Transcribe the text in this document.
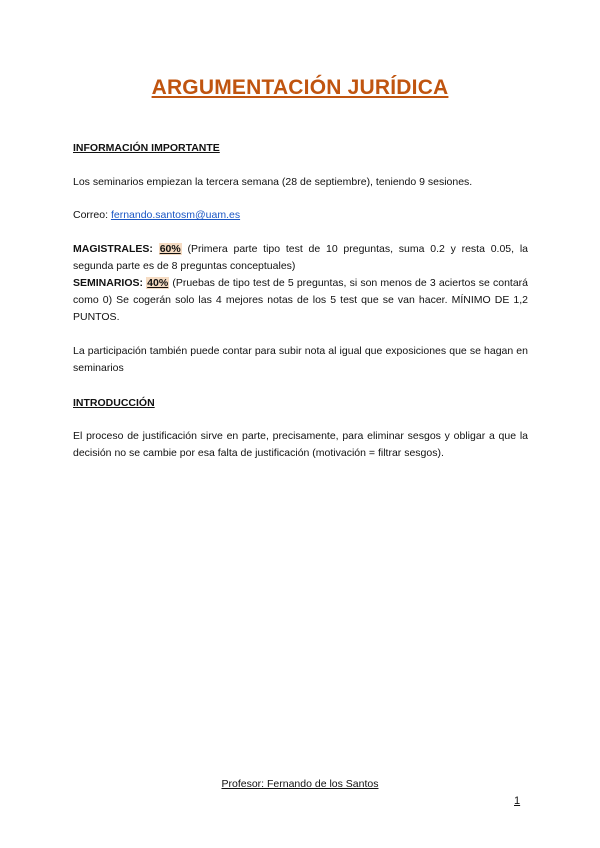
ARGUMENTACIÓN JURÍDICA
INFORMACIÓN IMPORTANTE
Los seminarios empiezan la tercera semana (28 de septiembre), teniendo 9 sesiones.
Correo: fernando.santosm@uam.es
MAGISTRALES: 60% (Primera parte tipo test de 10 preguntas, suma 0.2 y resta 0.05, la segunda parte es de 8 preguntas conceptuales)
SEMINARIOS: 40% (Pruebas de tipo test de 5 preguntas, si son menos de 3 aciertos se contará como 0) Se cogerán solo las 4 mejores notas de los 5 test que se van hacer. MÍNIMO DE 1,2 PUNTOS.
La participación también puede contar para subir nota al igual que exposiciones que se hagan en seminarios
INTRODUCCIÓN
El proceso de justificación sirve en parte, precisamente, para eliminar sesgos y obligar a que la decisión no se cambie por esa falta de justificación (motivación = filtrar sesgos).
Profesor: Fernando de los Santos
1
